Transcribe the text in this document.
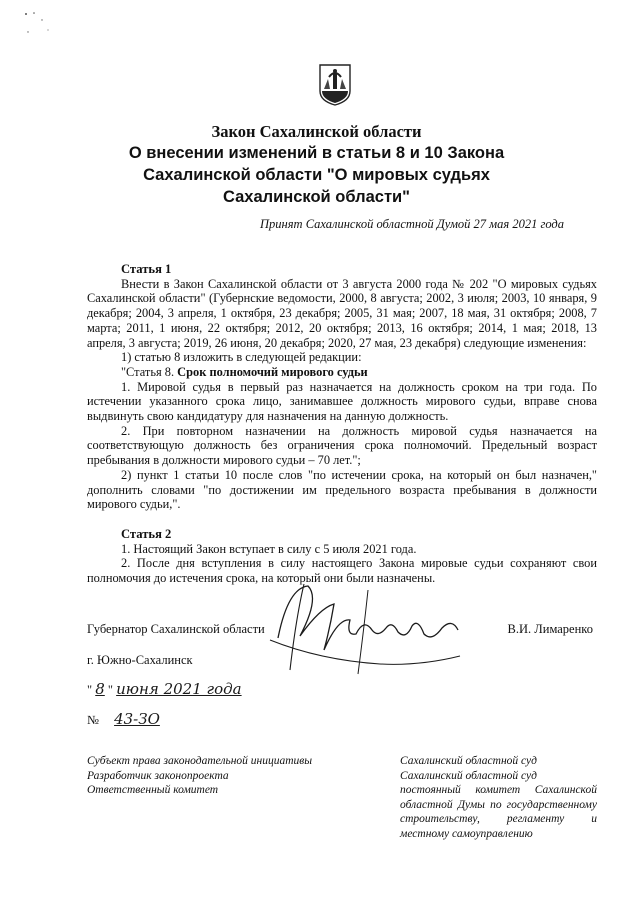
Закон Сахалинской области
О внесении изменений в статьи 8 и 10 Закона
Сахалинской области "О мировых судьях
Сахалинской области"
Принят Сахалинской областной Думой 27 мая 2021 года

Статья 1

Внести в Закон Сахалинской области от 3 августа 2000 года № 202 "О мировых судьях Сахалинской области" (Губернские ведомости, 2000, 8 августа; 2002, 3 июля; 2003, 10 января, 9 декабря; 2004, 3 апреля, 1 октября, 23 декабря; 2005, 31 мая; 2007, 18 мая, 31 октября; 2008, 7 марта; 2011, 1 июня, 22 октября; 2012, 20 октября; 2013, 16 октября; 2014, 1 мая; 2018, 13 апреля, 3 августа; 2019, 26 июня, 20 декабря; 2020, 27 мая, 23 декабря) следующие изменения:

1) статью 8 изложить в следующей редакции:

"Статья 8. Срок полномочий мирового судьи

1. Мировой судья в первый раз назначается на должность сроком на три года. По истечении указанного срока лицо, занимавшее должность мирового судьи, вправе снова выдвинуть свою кандидатуру для назначения на данную должность.

2. При повторном назначении на должность мировой судья назначается на соответствующую должность без ограничения срока полномочий. Предельный возраст пребывания в должности мирового судьи – 70 лет.";

2) пункт 1 статьи 10 после слов "по истечении срока, на который он был назначен," дополнить словами "по достижении им предельного возраста пребывания в должности мирового судьи,".

Статья 2

1. Настоящий Закон вступает в силу с 5 июля 2021 года.

2. После дня вступления в силу настоящего Закона мировые судьи сохраняют свои полномочия до истечения срока, на который они были назначены.

Губернатор Сахалинской области	В.И. Лимаренко
г. Южно-Сахалинск
" 8 " июня 2021 года
№ 43-ЗО
Субъект права законодательной инициативы
Разработчик законопроекта
Ответственный комитет
Сахалинский областной суд
Сахалинский областной суд
постоянный комитет Сахалинской областной Думы по государственному строительству, регламенту и местному самоуправлению
